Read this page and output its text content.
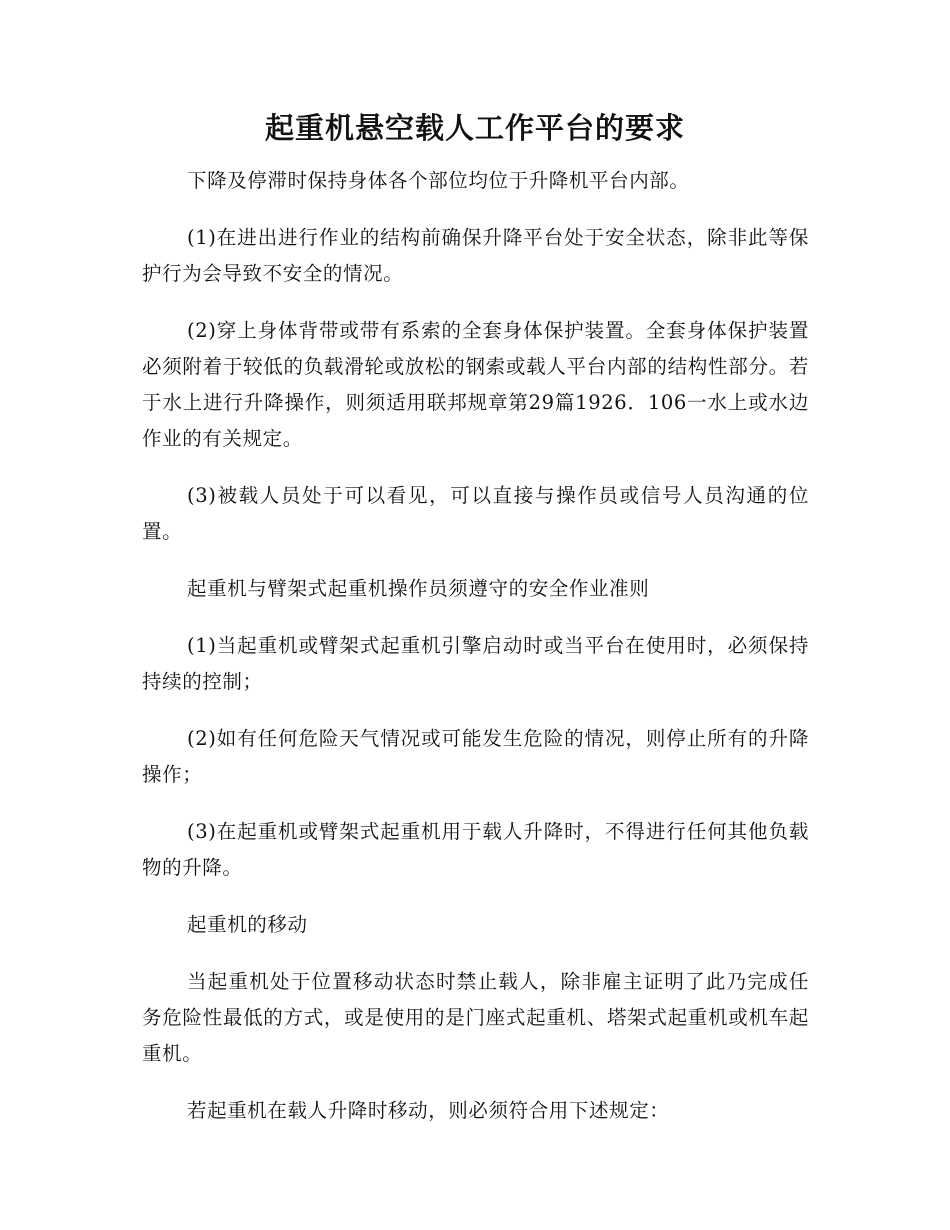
起重机悬空载人工作平台的要求

下降及停滞时保持身体各个部位均位于升降机平台内部。

(1)在进出进行作业的结构前确保升降平台处于安全状态，除非此等保护行为会导致不安全的情况。

(2)穿上身体背带或带有系索的全套身体保护装置。全套身体保护装置必须附着于较低的负载滑轮或放松的钢索或载人平台内部的结构性部分。若于水上进行升降操作，则须适用联邦规章第29篇1926．106一水上或水边作业的有关规定。

(3)被载人员处于可以看见，可以直接与操作员或信号人员沟通的位置。

起重机与臂架式起重机操作员须遵守的安全作业准则

(1)当起重机或臂架式起重机引擎启动时或当平台在使用时，必须保持持续的控制；

(2)如有任何危险天气情况或可能发生危险的情况，则停止所有的升降操作；

(3)在起重机或臂架式起重机用于载人升降时，不得进行任何其他负载物的升降。

起重机的移动

当起重机处于位置移动状态时禁止载人，除非雇主证明了此乃完成任务危险性最低的方式，或是使用的是门座式起重机、塔架式起重机或机车起重机。

若起重机在载人升降时移动，则必须符合用下述规定：
